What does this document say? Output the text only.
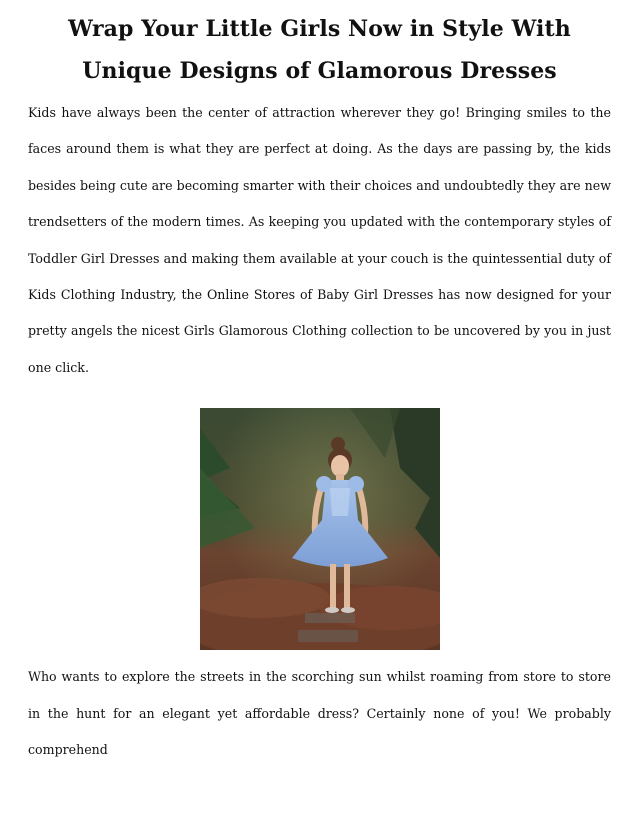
Wrap Your Little Girls Now in Style With Unique Designs of Glamorous Dresses

Kids have always been the center of attraction wherever they go! Bringing smiles to the faces around them is what they are perfect at doing. As the days are passing by, the kids besides being cute are becoming smarter with their choices and undoubtedly they are new trendsetters of the modern times. As keeping you updated with the contemporary styles of Toddler Girl Dresses and making them available at your couch is the quintessential duty of Kids Clothing Industry, the Online Stores of Baby Girl Dresses has now designed for your pretty angels the nicest Girls Glamorous Clothing collection to be uncovered by you in just one click.

Who wants to explore the streets in the scorching sun whilst roaming from store to store in the hunt for an elegant yet affordable dress? Certainly none of you! We probably comprehend
